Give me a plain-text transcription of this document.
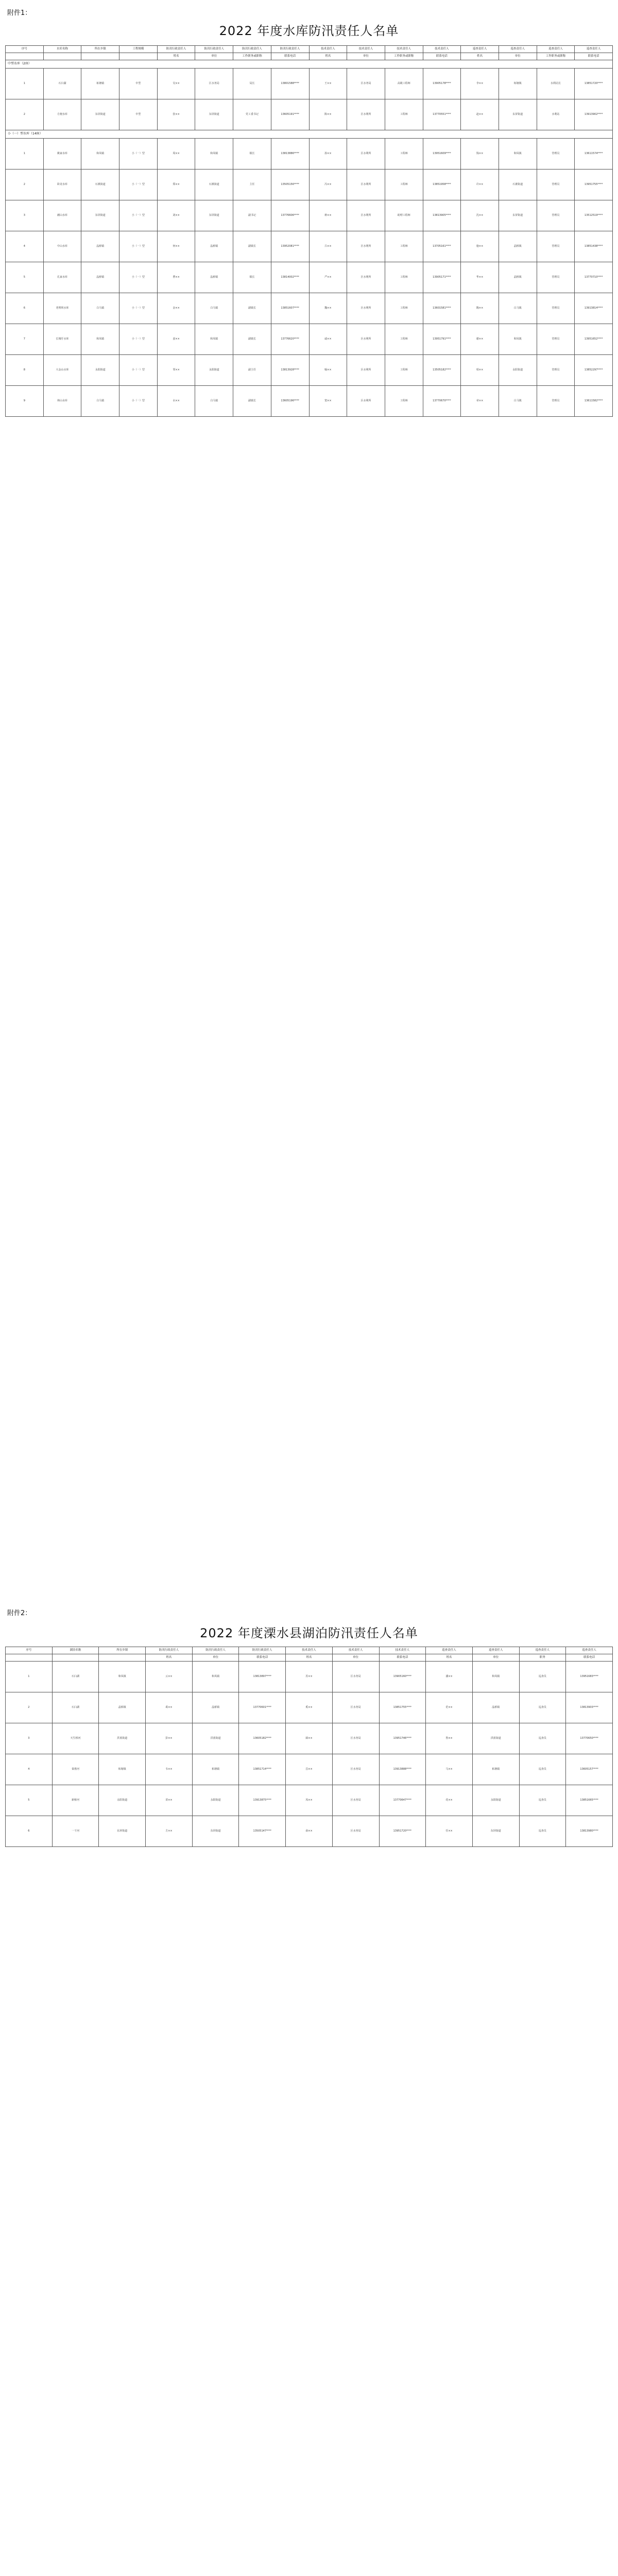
附件1：
2022 年度水库防汛责任人名单
序号	水库名称	所在乡镇	工程规模	防汛行政责任人	防汛行政责任人	防汛行政责任人	防汛行政责任人	技术责任人	技术责任人	技术责任人	技术责任人	巡查责任人	巡查责任人	巡查责任人	巡查责任人
				姓名	单位	工作职务或职称	联系电话	姓名	单位	工作职务或职称	联系电话	姓名	单位	工作职务或职称	联系电话
中型水库（2座）															
1	石臼湖	柘塘镇	中型	吴××	区水务局	局长	13801588****	王××	区水务局	高级工程师	13905178****	李××	柘塘镇	水利站长	13851720****
2	方便水库	东屏街道	中型	张××	东屏街道	党工委书记	13605191****	陈××	区水利所	工程师	13770551****	赵××	东屏街道	水利站	13913902****
小（一）型水库（14座）															
1	姚家水库	和凤镇	小（一）型	周××	和凤镇	镇长	13813886****	孙××	区水利所	工程师	13951609****	钱××	和凤镇	管理员	13611574****
2	卧龙水库	石湫街道	小（一）型	郑××	石湫街道	主任	13505156****	冯××	区水利所	工程师	13851958****	许××	石湫街道	管理员	13951755****
3	赭山水库	东屏街道	小（一）型	刘××	东屏街道	副书记	13776606****	蒋××	区水利所	助理工程师	13813905****	沈××	东屏街道	管理员	13512519****
4	中山水库	晶桥镇	小（一）型	何××	晶桥镇	副镇长	13952081****	吕××	区水利所	工程师	13705161****	施××	晶桥镇	管理员	13851438****
5	孔家水库	晶桥镇	小（一）型	曹××	晶桥镇	镇长	13814002****	严××	区水利所	工程师	13905171****	华××	晶桥镇	管理员	13770710****
6	老鸦坝水库	白马镇	小（一）型	金××	白马镇	副镇长	13851607****	魏××	区水利所	工程师	13601581****	陶××	白马镇	管理员	13913814****
7	长城圩水库	和凤镇	小（一）型	姜××	和凤镇	副镇长	13776620****	戚××	区水利所	工程师	13951791****	谢××	和凤镇	管理员	13951652****
8	大金山水库	永阳街道	小（一）型	邹××	永阳街道	副主任	13813928****	喻××	区水利所	工程师	13505182****	柏××	永阳街道	管理员	13852297****
9	林山水库	白马镇	小（一）型	水××	白马镇	副镇长	13605196****	窦××	区水利所	工程师	13770670****	章××	白马镇	管理员	13611582****
附件2：
2022 年度溧水县湖泊防汛责任人名单
序号	湖泊名称	所在乡镇	防汛行政责任人	防汛行政责任人	防汛行政责任人	技术责任人	技术责任人	技术责任人	巡查责任人	巡查责任人	巡查责任人	巡查责任人
			姓名	单位	联系电话	姓名	单位	联系电话	姓名	单位	职务	联系电话
1	石臼湖	和凤镇	云××	和凤镇	13813897****	苏××	区水务局	13905160****	潘××	和凤镇	巡查员	13951683****
2	石臼湖	晶桥镇	葛××	晶桥镇	13770601****	奚××	区水务局	13851755****	范××	晶桥镇	巡查员	13813903****
3	天生桥河	洪蓝街道	彭××	洪蓝街道	13605182****	郎××	区水务局	13951746****	鲁××	洪蓝街道	巡查员	13770650****
4	秦淮河	柘塘镇	韦××	柘塘镇	13851714****	昌××	区水务局	13913888****	马××	柘塘镇	巡查员	13605157****
5	新桥河	永阳街道	苗××	永阳街道	13913875****	凤××	区水务局	13770647****	花××	永阳街道	巡查员	13851665****
6	一干河	东屏街道	方××	东屏街道	13505147****	俞××	区水务局	13951720****	任××	东屏街道	巡查员	13813980****
